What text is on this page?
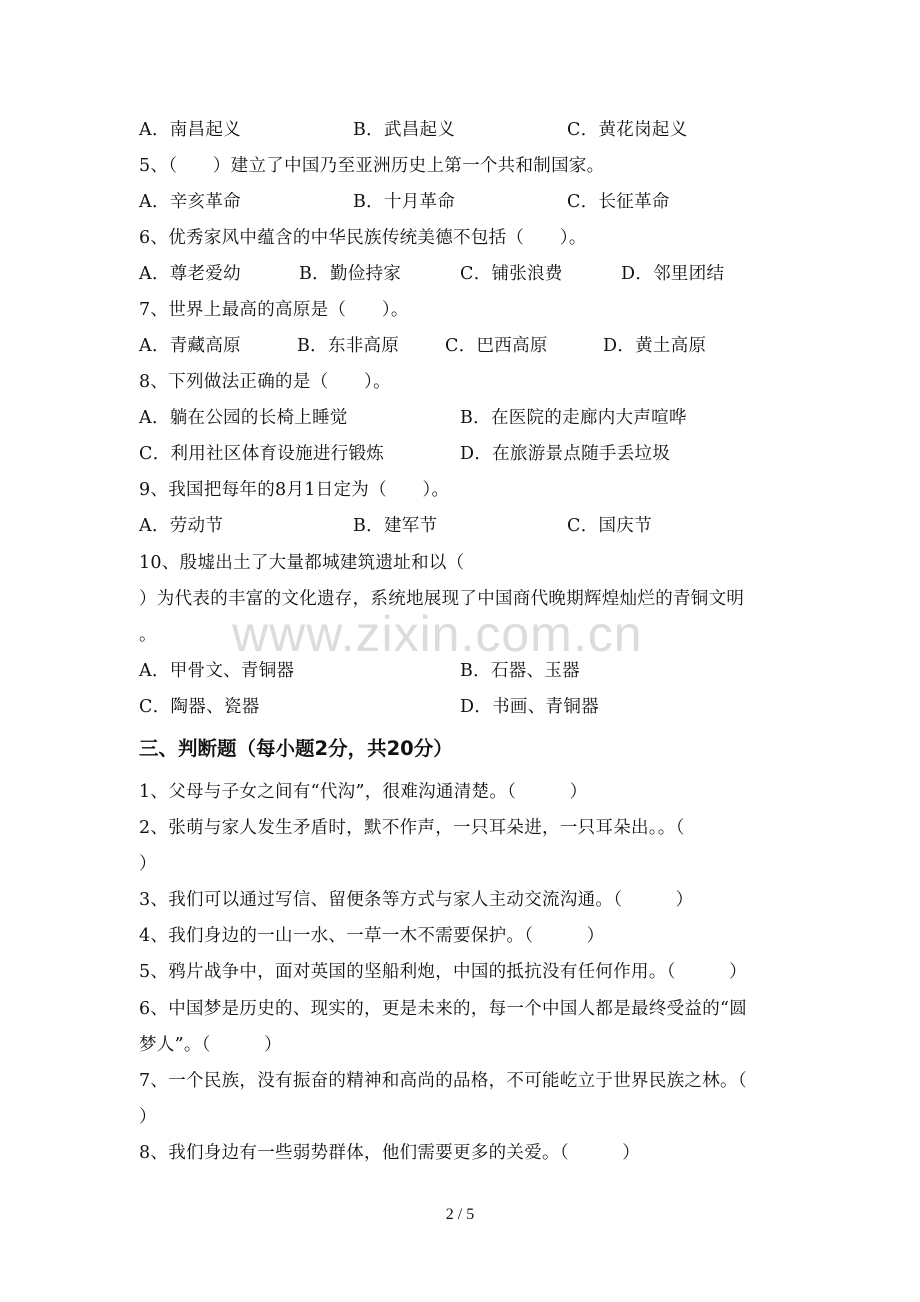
A．南昌起义	B．武昌起义	C．黄花岗起义
5、（　　）建立了中国乃至亚洲历史上第一个共和制国家。
A．辛亥革命	B．十月革命	C．长征革命
6、优秀家风中蕴含的中华民族传统美德不包括（　　）。
A．尊老爱幼	B．勤俭持家	C．铺张浪费	D．邻里团结
7、世界上最高的高原是（　　）。
A．青藏高原	B．东非高原	C．巴西高原	D．黄土高原
8、下列做法正确的是（　　）。
A．躺在公园的长椅上睡觉	B．在医院的走廊内大声喧哗
C．利用社区体育设施进行锻炼	D．在旅游景点随手丢垃圾
9、我国把每年的8月1日定为（　　）。
A．劳动节	B．建军节	C．国庆节
10、殷墟出土了大量都城建筑遗址和以（
）为代表的丰富的文化遗存，系统地展现了中国商代晚期辉煌灿烂的青铜文明
。
A．甲骨文、青铜器	B．石器、玉器
C．陶器、瓷器	D．书画、青铜器
三、判断题（每小题2分，共20分）
1、父母与子女之间有“代沟”，很难沟通清楚。（　　　）
2、张萌与家人发生矛盾时，默不作声，一只耳朵进，一只耳朵出。。（
）
3、我们可以通过写信、留便条等方式与家人主动交流沟通。（　　　）
4、我们身边的一山一水、一草一木不需要保护。（　　　）
5、鸦片战争中，面对英国的坚船利炮，中国的抵抗没有任何作用。（　　　）
6、中国梦是历史的、现实的，更是未来的，每一个中国人都是最终受益的“圆
梦人”。（　　　）
7、一个民族，没有振奋的精神和高尚的品格，不可能屹立于世界民族之林。（
）
8、我们身边有一些弱势群体，他们需要更多的关爱。（　　　）
www.zixin.com.cn
2 / 5
